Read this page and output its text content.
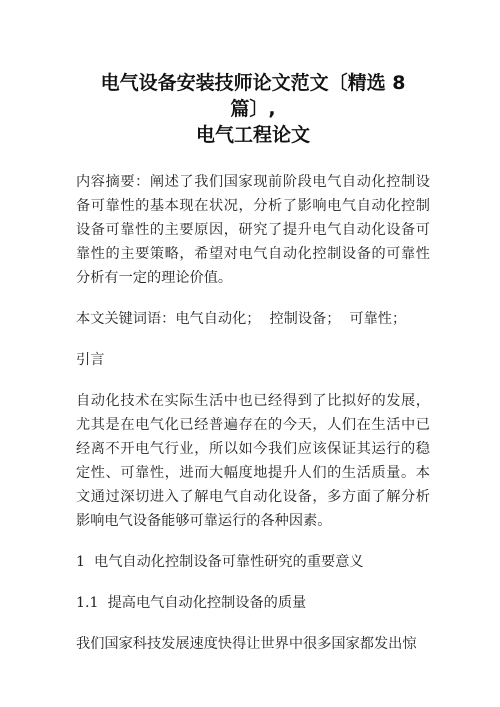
电气设备安装技师论文范文〔精选 8 篇〕,
电气工程论文

内容摘要：阐述了我们国家现前阶段电气自动化控制设备可靠性的基本现在状况，分析了影响电气自动化控制设备可靠性的主要原因，研究了提升电气自动化设备可靠性的主要策略，希望对电气自动化控制设备的可靠性分析有一定的理论价值。

本文关键词语：电气自动化；  控制设备；  可靠性；

引言

自动化技术在实际生活中也已经得到了比拟好的发展，尤其是在电气化已经普遍存在的今天，人们在生活中已经离不开电气行业，所以如今我们应该保证其运行的稳定性、可靠性，进而大幅度地提升人们的生活质量。本文通过深切进入了解电气自动化设备，多方面了解分析影响电气设备能够可靠运行的各种因素。

1  电气自动化控制设备可靠性研究的重要意义

1.1  提高电气自动化控制设备的质量

我们国家科技发展速度快得让世界中很多国家都发出惊
